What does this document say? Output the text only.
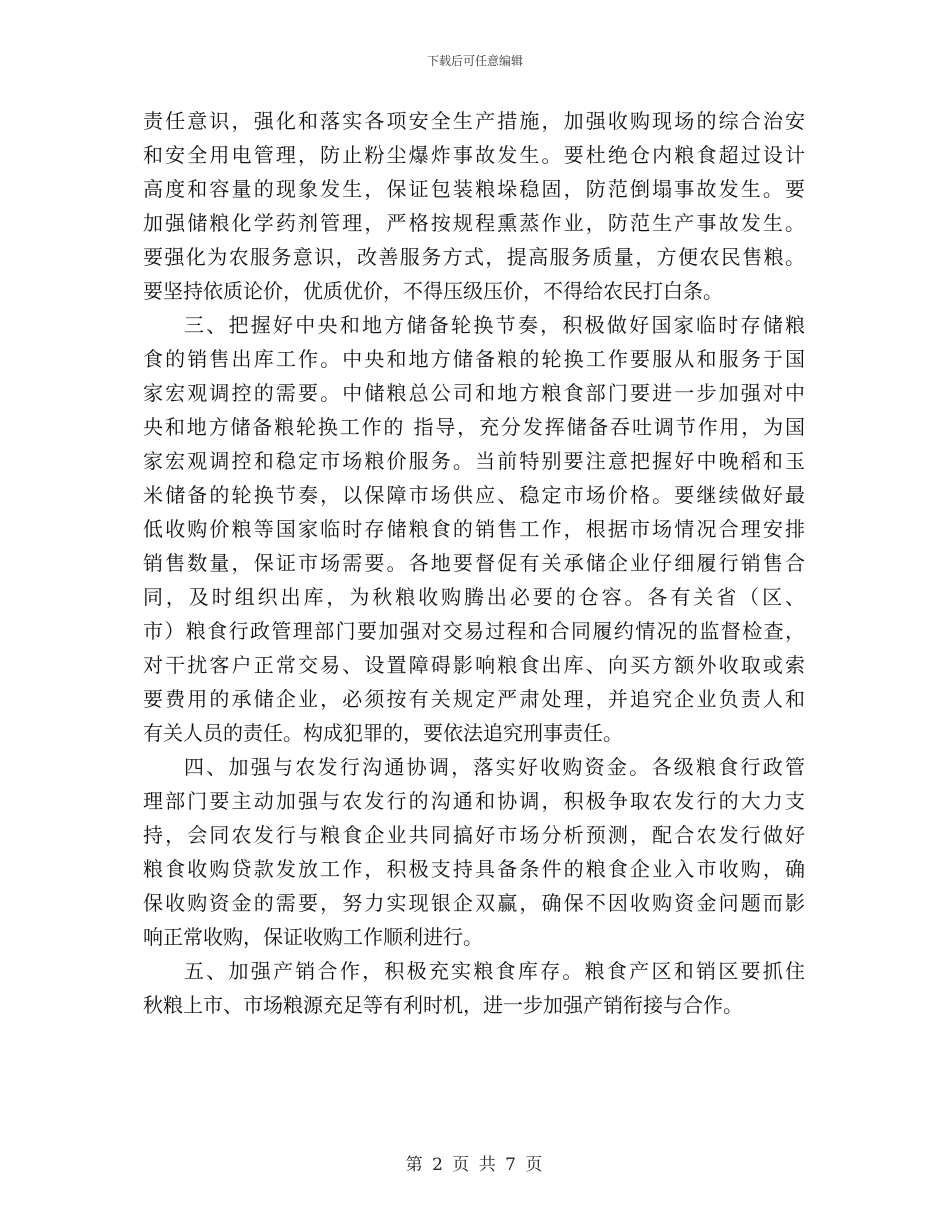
下载后可任意编辑
责任意识，强化和落实各项安全生产措施，加强收购现场的综合治安
和安全用电管理，防止粉尘爆炸事故发生。要杜绝仓内粮食超过设计
高度和容量的现象发生，保证包装粮垛稳固，防范倒塌事故发生。要
加强储粮化学药剂管理，严格按规程熏蒸作业，防范生产事故发生。
要强化为农服务意识，改善服务方式，提高服务质量，方便农民售粮。
要坚持依质论价，优质优价，不得压级压价，不得给农民打白条。
三、把握好中央和地方储备轮换节奏，积极做好国家临时存储粮
食的销售出库工作。中央和地方储备粮的轮换工作要服从和服务于国
家宏观调控的需要。中储粮总公司和地方粮食部门要进一步加强对中
央和地方储备粮轮换工作的 指导，充分发挥储备吞吐调节作用，为国
家宏观调控和稳定市场粮价服务。当前特别要注意把握好中晚稻和玉
米储备的轮换节奏，以保障市场供应、稳定市场价格。要继续做好最
低收购价粮等国家临时存储粮食的销售工作，根据市场情况合理安排
销售数量，保证市场需要。各地要督促有关承储企业仔细履行销售合
同，及时组织出库，为秋粮收购腾出必要的仓容。各有关省（区、
市）粮食行政管理部门要加强对交易过程和合同履约情况的监督检查，
对干扰客户正常交易、设置障碍影响粮食出库、向买方额外收取或索
要费用的承储企业，必须按有关规定严肃处理，并追究企业负责人和
有关人员的责任。构成犯罪的，要依法追究刑事责任。
四、加强与农发行沟通协调，落实好收购资金。各级粮食行政管
理部门要主动加强与农发行的沟通和协调，积极争取农发行的大力支
持，会同农发行与粮食企业共同搞好市场分析预测，配合农发行做好
粮食收购贷款发放工作，积极支持具备条件的粮食企业入市收购，确
保收购资金的需要，努力实现银企双赢，确保不因收购资金问题而影
响正常收购，保证收购工作顺利进行。
五、加强产销合作，积极充实粮食库存。粮食产区和销区要抓住
秋粮上市、市场粮源充足等有利时机，进一步加强产销衔接与合作。
第 2 页 共 7 页
